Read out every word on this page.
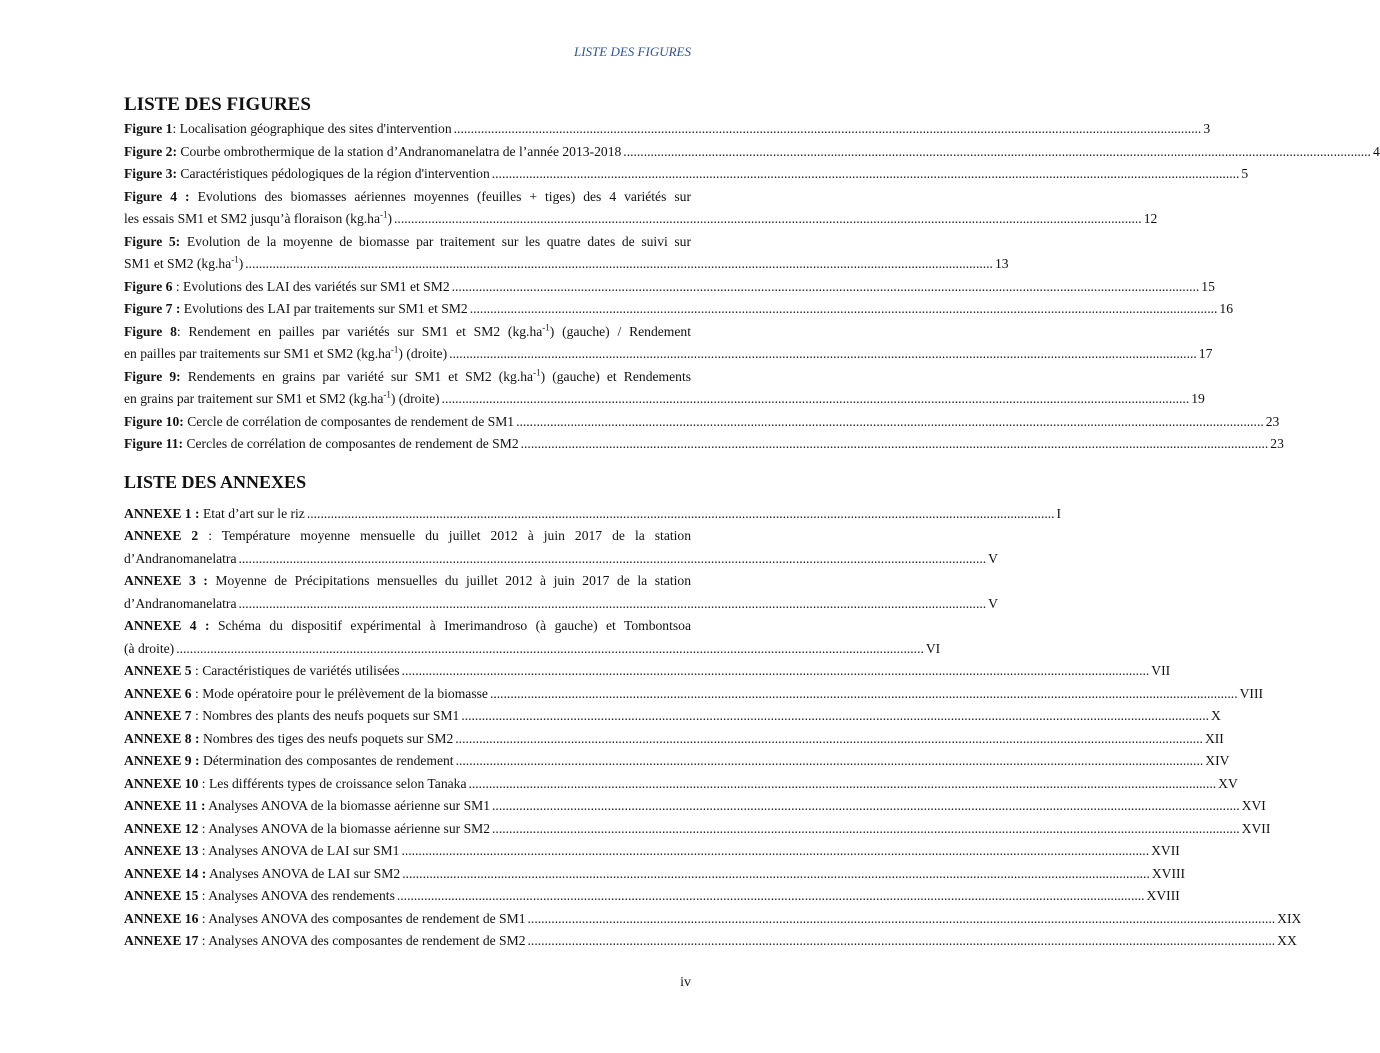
LISTE DES FIGURES
LISTE DES FIGURES
Figure 1: Localisation géographique des sites d'intervention .....	3
Figure 2: Courbe ombrothermique de la station d’Andranomanelatra de l’année 2013-2018 .....	4
Figure 3: Caractéristiques pédologiques de la région d'intervention .....	5
Figure 4 : Evolutions des biomasses aériennes moyennes (feuilles + tiges) des 4 variétés sur
les essais SM1 et SM2 jusqu’à floraison $(kg.ha^{-1})$ .....	12
Figure 5: Evolution de la moyenne de biomasse par traitement sur les quatre dates de suivi sur
SM1 et SM2 $(kg.ha^{-1})$ .....	13
Figure 6 : Evolutions des LAI des variétés sur SM1 et SM2 .....	15
Figure 7 : Evolutions des LAI par traitements sur SM1 et SM2 .....	16
Figure 8: Rendement en pailles par variétés sur SM1 et SM2 $(kg.ha^{-1})$ (gauche) / Rendement
en pailles par traitements sur SM1 et SM2 $(kg.ha^{-1})$ (droite) .....	17
Figure 9: Rendements en grains par variété sur SM1 et SM2 $(kg.ha^{-1})$ (gauche) et Rendements
en grains par traitement sur SM1 et SM2 $(kg.ha^{-1})$ (droite) .....	19
Figure 10: Cercle de corrélation de composantes de rendement de SM1 .....	23
Figure 11: Cercles de corrélation de composantes de rendement de SM2 .....	23
LISTE DES ANNEXES
ANNEXE 1 : Etat d’art sur le riz .....	I
ANNEXE 2 : Température moyenne mensuelle du juillet 2012 à juin 2017 de la station
d’Andranomanelatra .....	V
ANNEXE 3 : Moyenne de Précipitations mensuelles du juillet 2012 à juin 2017 de la station
d’Andranomanelatra .....	V
ANNEXE 4 : Schéma du dispositif expérimental à Imerimandroso (à gauche) et Tombontsoa
(à droite) .....	VI
ANNEXE 5 : Caractéristiques de variétés utilisées .....	VII
ANNEXE 6 : Mode opératoire pour le prélèvement de la biomasse .....	VIII
ANNEXE 7 : Nombres des plants des neufs poquets sur SM1 .....	X
ANNEXE 8 : Nombres des tiges des neufs poquets sur SM2 .....	XII
ANNEXE 9 : Détermination des composantes de rendement .....	XIV
ANNEXE 10 : Les différents types de croissance selon Tanaka .....	XV
ANNEXE 11 : Analyses ANOVA de la biomasse aérienne sur SM1 .....	XVI
ANNEXE 12 : Analyses ANOVA de la biomasse aérienne sur SM2 .....	XVII
ANNEXE 13 : Analyses ANOVA de LAI sur SM1 .....	XVII
ANNEXE 14 : Analyses ANOVA de LAI sur SM2 .....	XVIII
ANNEXE 15 : Analyses ANOVA des rendements .....	XVIII
ANNEXE 16 : Analyses ANOVA des composantes de rendement de SM1 .....	XIX
ANNEXE 17 : Analyses ANOVA des composantes de rendement de SM2 .....	XX
iv
